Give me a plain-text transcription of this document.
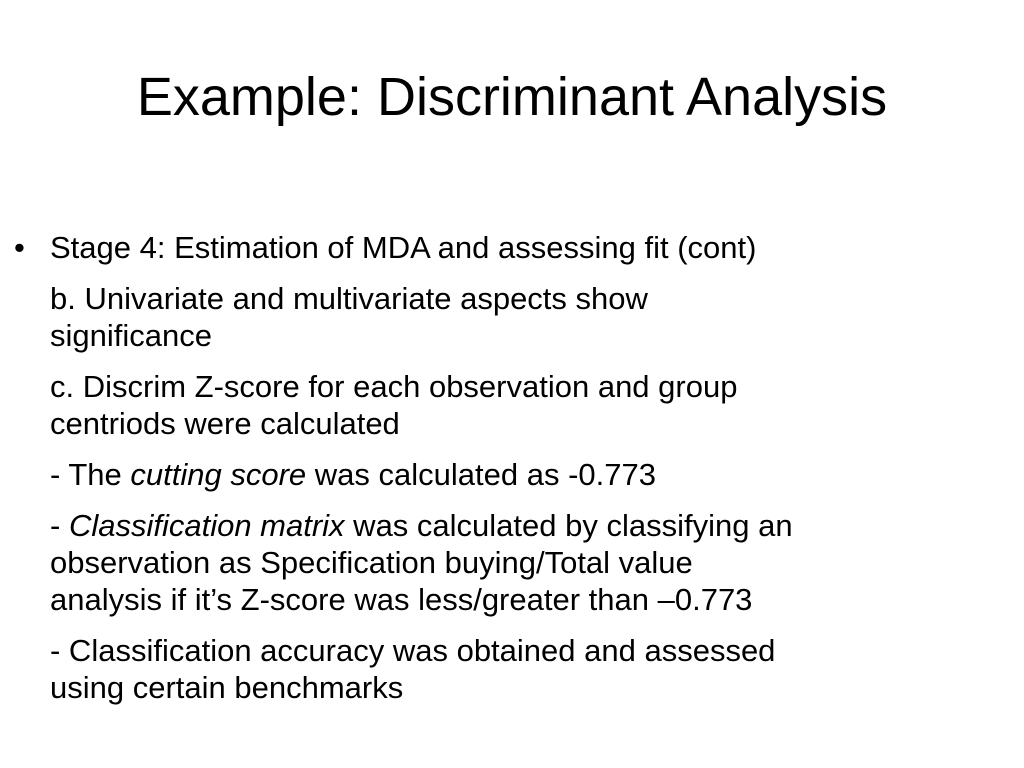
Example: Discriminant Analysis
• Stage 4: Estimation of MDA and assessing fit (cont)
b. Univariate and multivariate aspects show
significance
c. Discrim Z-score for each observation and group
centriods were calculated
- The cutting score was calculated as -0.773
- Classification matrix was calculated by classifying an
observation as Specification buying/Total value
analysis if it’s Z-score was less/greater than –0.773
- Classification accuracy was obtained and assessed
using certain benchmarks
